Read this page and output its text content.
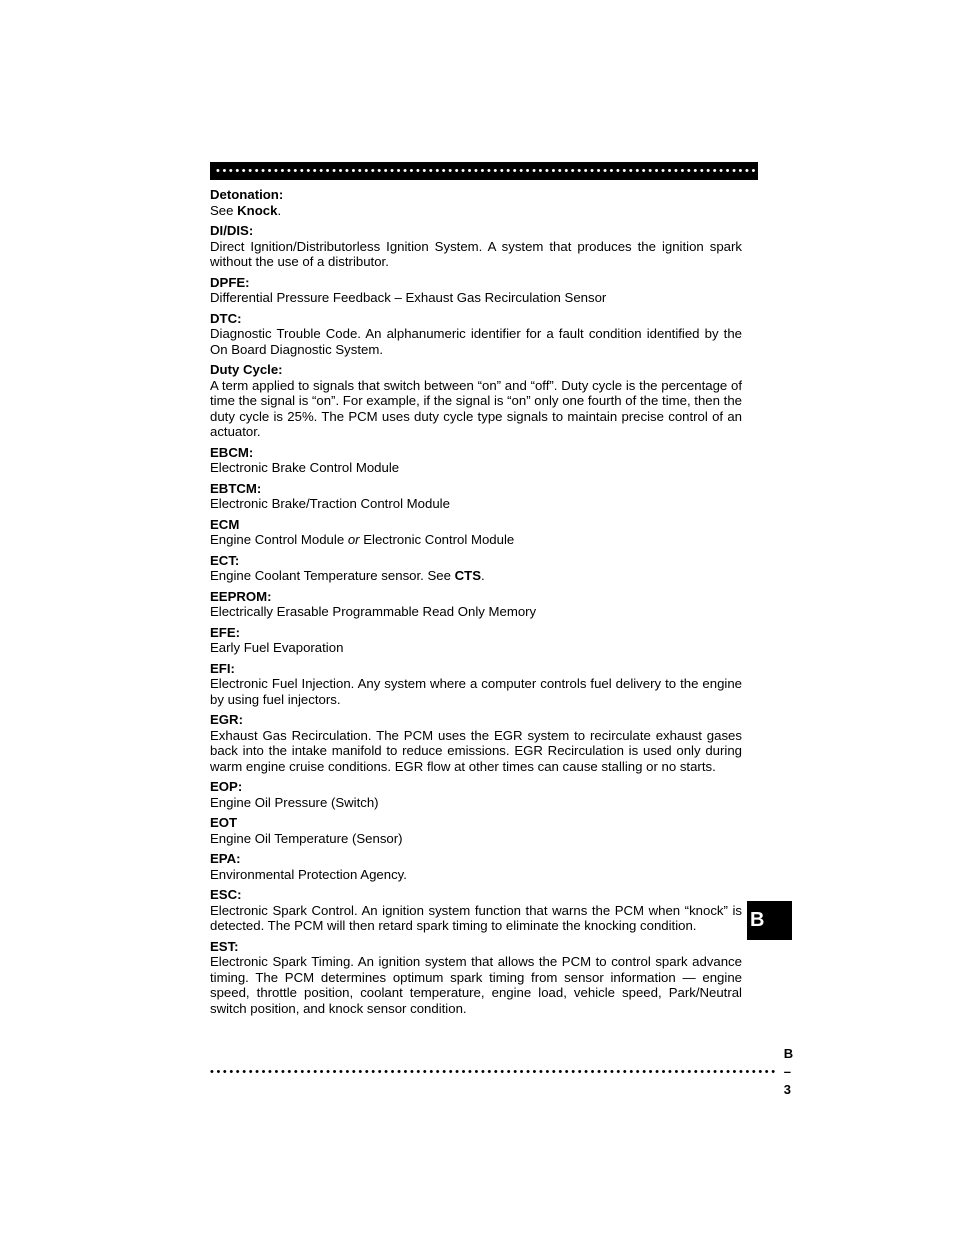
•••••••••••••••••••••••••••••••••••••••••••••••••••••••••••••••••••••••••••••••••••••••• Glossary
Detonation:
See Knock.
DI/DIS:
Direct Ignition/Distributorless Ignition System. A system that produces the ignition spark without the use of a distributor.
DPFE:
Differential Pressure Feedback – Exhaust Gas Recirculation Sensor
DTC:
Diagnostic Trouble Code. An alphanumeric identifier for a fault condition identified by the On Board Diagnostic System.
Duty Cycle:
A term applied to signals that switch between “on” and “off”. Duty cycle is the percentage of time the signal is “on”. For example, if the signal is “on” only one fourth of the time, then the duty cycle is 25%. The PCM uses duty cycle type signals to maintain precise control of an actuator.
EBCM:
Electronic Brake Control Module
EBTCM:
Electronic Brake/Traction Control Module
ECM
Engine Control Module or Electronic Control Module
ECT:
Engine Coolant Temperature sensor. See CTS.
EEPROM:
Electrically Erasable Programmable Read Only Memory
EFE:
Early Fuel Evaporation
EFI:
Electronic Fuel Injection. Any system where a computer controls fuel delivery to the engine by using fuel injectors.
EGR:
Exhaust Gas Recirculation. The PCM uses the EGR system to recirculate exhaust gases back into the intake manifold to reduce emissions. EGR Recirculation is used only during warm engine cruise conditions. EGR flow at other times can cause stalling or no starts.
EOP:
Engine Oil Pressure (Switch)
EOT
Engine Oil Temperature (Sensor)
EPA:
Environmental Protection Agency.
ESC:
Electronic Spark Control. An ignition system function that warns the PCM when “knock” is detected. The PCM will then retard spark timing to eliminate the knocking condition.
EST:
Electronic Spark Timing. An ignition system that allows the PCM to control spark advance timing. The PCM determines optimum spark timing from sensor information — engine speed, throttle position, coolant temperature, engine load, vehicle speed, Park/Neutral switch position, and knock sensor condition.
B
••••••••••••••••••••••••••••••••••••••••••••••••••••••••••••••••••••••••••••••••••••••••
B – 3
